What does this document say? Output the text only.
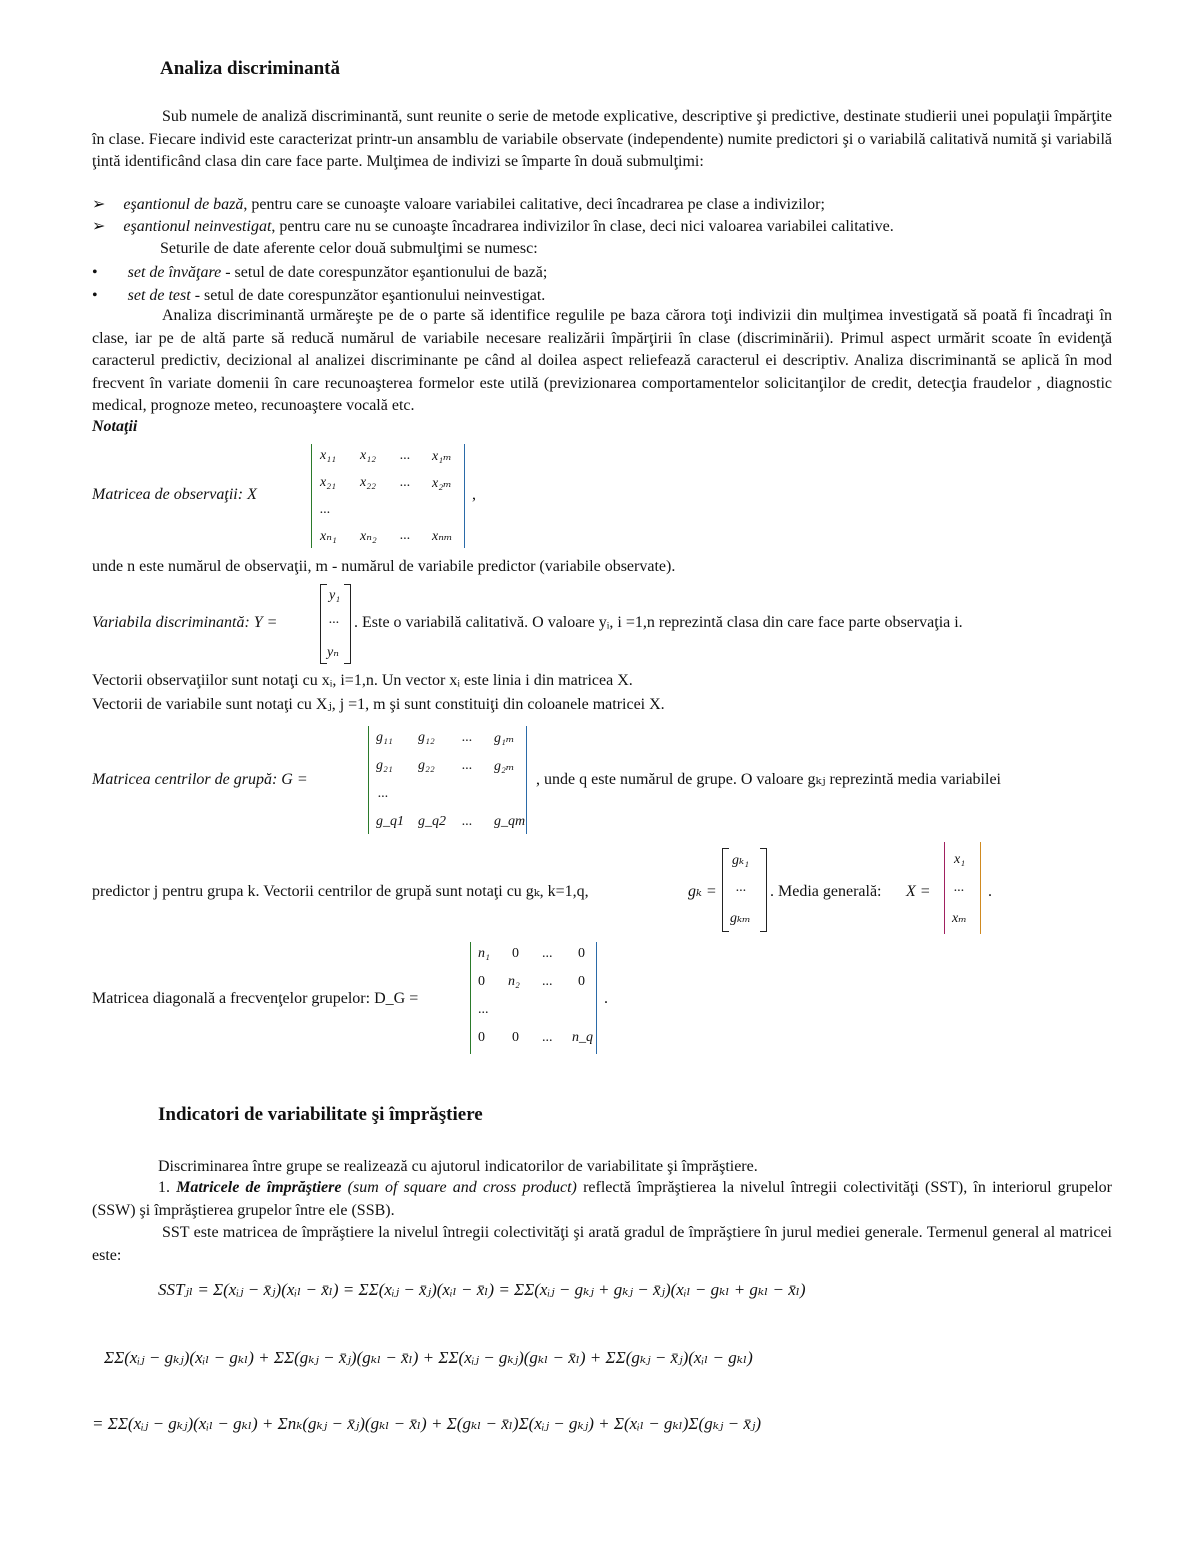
Analiza discriminantă
Sub numele de analiză discriminantă, sunt reunite o serie de metode explicative, descriptive şi predictive, destinate studierii unei populaţii împărţite în clase. Fiecare individ este caracterizat printr-un ansamblu de variabile observate (independente) numite predictori şi o variabilă calitativă numită şi variabilă ţintă identificând clasa din care face parte. Mulţimea de indivizi se împarte în două submulţimi:
➢ eşantionul de bază, pentru care se cunoaşte valoare variabilei calitative, deci încadrarea pe clase a indivizilor;
➢ eşantionul neinvestigat, pentru care nu se cunoaşte încadrarea indivizilor în clase, deci nici valoarea variabilei calitative.
Seturile de date aferente celor două submulţimi se numesc:
• set de învăţare - setul de date corespunzător eşantionului de bază;
• set de test - setul de date corespunzător eşantionului neinvestigat.
Analiza discriminantă urmăreşte pe de o parte să identifice regulile pe baza cărora toţi indivizii din mulţimea investigată să poată fi încadraţi în clase, iar pe de altă parte să reducă numărul de variabile necesare realizării împărţirii în clase (discriminării). Primul aspect urmărit scoate în evidenţă caracterul predictiv, decizional al analizei discriminante pe când al doilea aspect reliefează caracterul ei descriptiv. Analiza discriminantă se aplică în mod frecvent în variate domenii în care recunoaşterea formelor este utilă (previzionarea comportamentelor solicitanţilor de credit, detecţia fraudelor , diagnostic medical, prognoze meteo, recunoaştere vocală etc.
Notaţii
Matricea de observaţii: X
x₁₁ x₁₂ ... x₁ₘ
x₂₁ x₂₂ ... x₂ₘ
...
xₙ₁ xₙ₂ ... xₙₘ
,
unde n este numărul de observaţii, m - numărul de variabile predictor (variabile observate).
Variabila discriminantă: Y =
y₁
...
yₙ
. Este o variabilă calitativă. O valoare yᵢ, i =1,n reprezintă clasa din care face parte observaţia i.
Vectorii observaţiilor sunt notaţi cu xᵢ, i=1,n. Un vector xᵢ este linia i din matricea X.
Vectorii de variabile sunt notaţi cu Xⱼ, j =1, m şi sunt constituiţi din coloanele matricei X.
Matricea centrilor de grupă: G =
g₁₁ g₁₂ ... g₁ₘ
g₂₁ g₂₂ ... g₂ₘ
...
g_q1 g_q2 ... g_qm
, unde q este numărul de grupe. O valoare gₖⱼ reprezintă media variabilei
predictor j pentru grupa k. Vectorii centrilor de grupă sunt notaţi cu gₖ, k=1,q,	gₖ =
gₖ₁
...
gₖₘ
. Media generală: X =
x₁
...
xₘ
.
Matricea diagonală a frecvenţelor grupelor: D_G =
n₁ 0 ... 0
0 n₂ ... 0
...
0 0 ... n_q
.
Indicatori de variabilitate şi împrăştiere
Discriminarea între grupe se realizează cu ajutorul indicatorilor de variabilitate şi împrăştiere.
1. Matricele de împrăştiere (sum of square and cross product) reflectă împrăştierea la nivelul întregii colectivităţi (SST), în interiorul grupelor (SSW) şi împrăştierea grupelor între ele (SSB).
SST este matricea de împrăştiere la nivelul întregii colectivităţi şi arată gradul de împrăştiere în jurul mediei generale. Termenul general al matricei este:
SSTⱼₗ = Σ(xᵢⱼ − x̄ⱼ)(xᵢₗ − x̄ₗ) = ΣΣ(xᵢⱼ − x̄ⱼ)(xᵢₗ − x̄ₗ) = ΣΣ(xᵢⱼ − gₖⱼ + gₖⱼ − x̄ⱼ)(xᵢₗ − gₖₗ + gₖₗ − x̄ₗ)
ΣΣ(xᵢⱼ − gₖⱼ)(xᵢₗ − gₖₗ) + ΣΣ(gₖⱼ − x̄ⱼ)(gₖₗ − x̄ₗ) + ΣΣ(xᵢⱼ − gₖⱼ)(gₖₗ − x̄ₗ) + ΣΣ(gₖⱼ − x̄ⱼ)(xᵢₗ − gₖₗ)
= ΣΣ(xᵢⱼ − gₖⱼ)(xᵢₗ − gₖₗ) + Σnₖ(gₖⱼ − x̄ⱼ)(gₖₗ − x̄ₗ) + Σ(gₖₗ − x̄ₗ)Σ(xᵢⱼ − gₖⱼ) + Σ(xᵢₗ − gₖₗ)Σ(gₖⱼ − x̄ⱼ)
